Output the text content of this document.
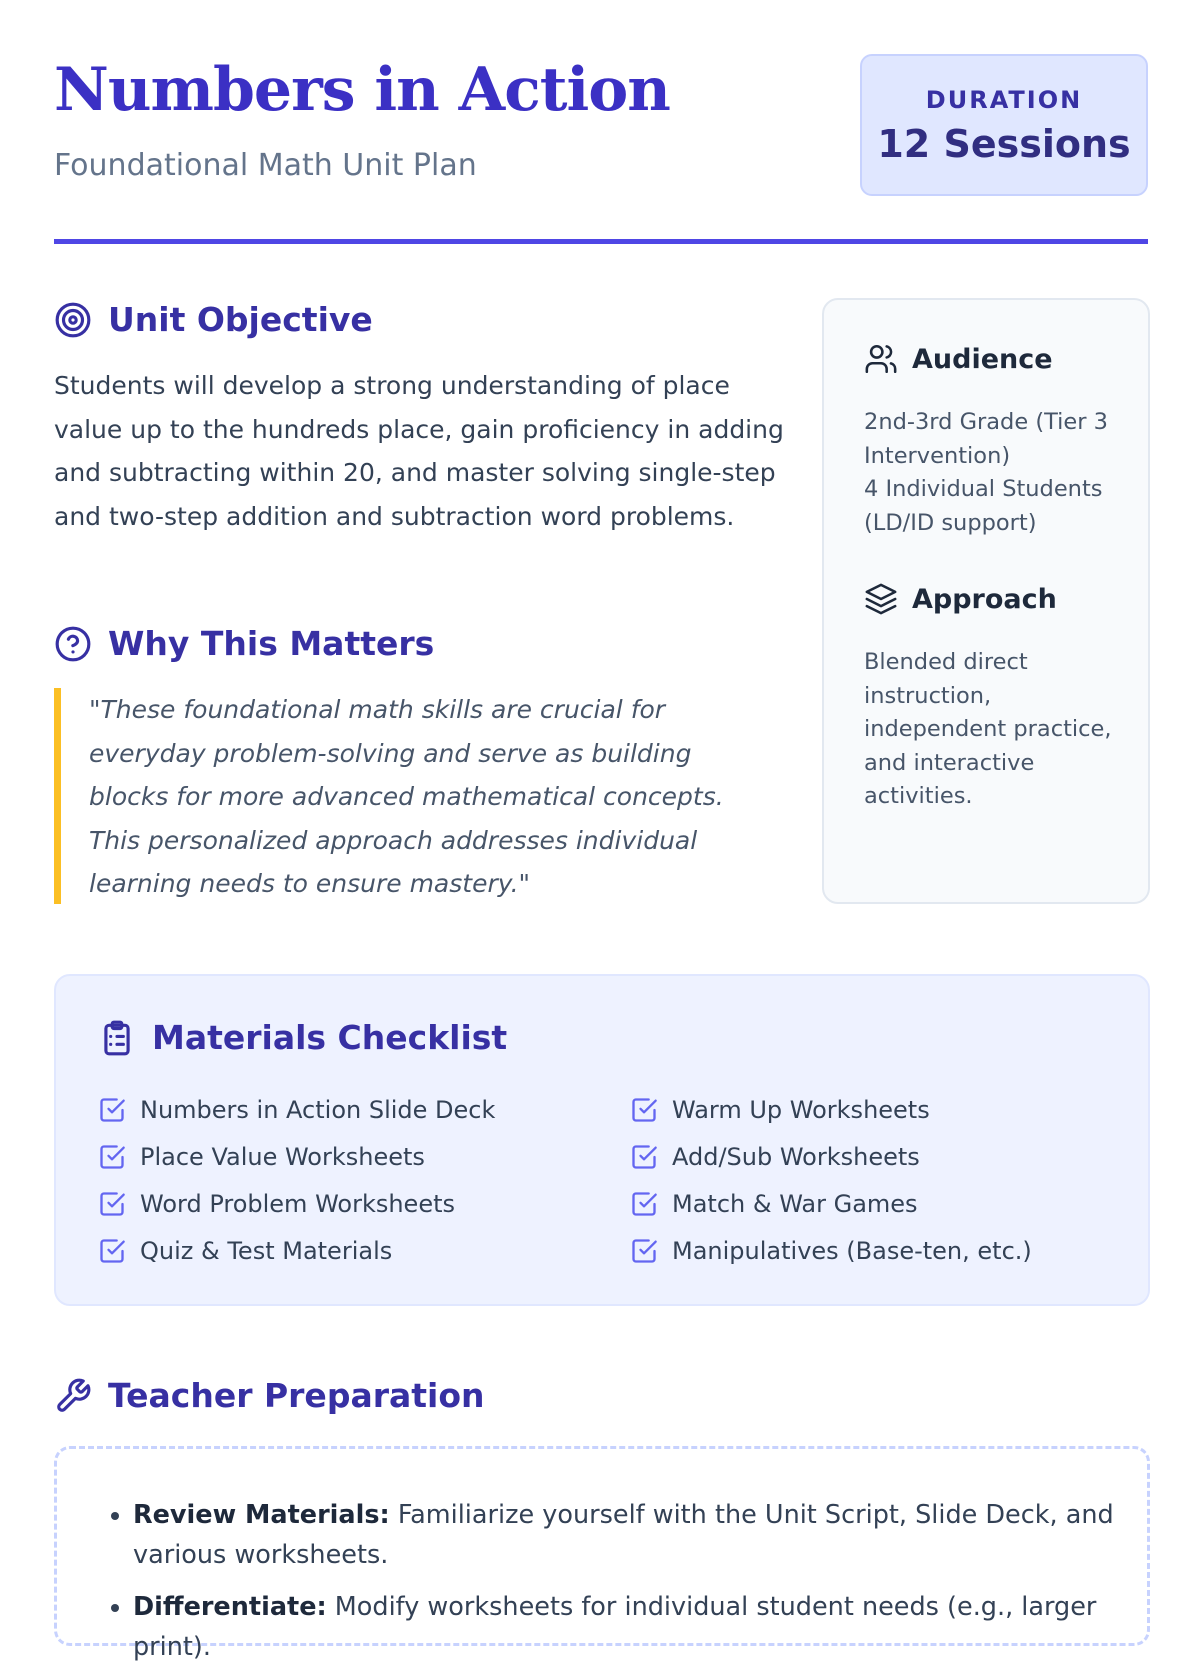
Numbers in Action
Foundational Math Unit Plan
DURATION
12 Sessions
Unit Objective

Students will develop a strong understanding of place value up to the hundreds place, gain proficiency in adding and subtracting within 20, and master solving single-step and two-step addition and subtraction word problems.

Why This Matters
"These foundational math skills are crucial for everyday problem-solving and serve as building blocks for more advanced mathematical concepts. This personalized approach addresses individual learning needs to ensure mastery."
Audience
2nd-3rd Grade (Tier 3 Intervention)
4 Individual Students (LD/ID support)
Approach
Blended direct instruction, independent practice, and interactive activities.
Materials Checklist
Numbers in Action Slide Deck
Place Value Worksheets
Word Problem Worksheets
Quiz & Test Materials
Warm Up Worksheets
Add/Sub Worksheets
Match & War Games
Manipulatives (Base-ten, etc.)
Teacher Preparation
• Review Materials: Familiarize yourself with the Unit Script, Slide Deck, and various worksheets.
• Differentiate: Modify worksheets for individual student needs (e.g., larger print).
